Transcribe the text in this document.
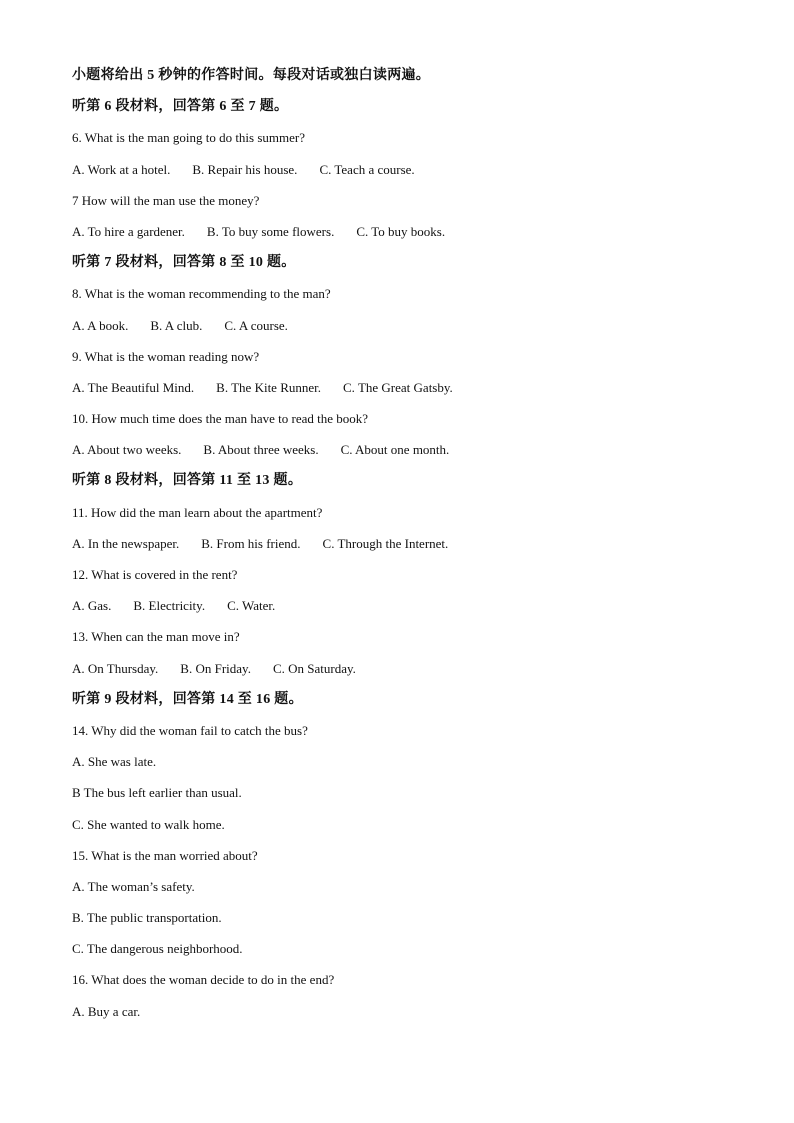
小题将给出 5 秒钟的作答时间。每段对话或独白读两遍。
听第 6 段材料，回答第 6 至 7 题。
6. What is the man going to do this summer?
A. Work at a hotel. B. Repair his house. C. Teach a course.
7 How will the man use the money?
A. To hire a gardener. B. To buy some flowers. C. To buy books.
听第 7 段材料，回答第 8 至 10 题。
8. What is the woman recommending to the man?
A. A book. B. A club. C. A course.
9. What is the woman reading now?
A. The Beautiful Mind. B. The Kite Runner. C. The Great Gatsby.
10. How much time does the man have to read the book?
A. About two weeks. B. About three weeks. C. About one month.
听第 8 段材料，回答第 11 至 13 题。
11. How did the man learn about the apartment?
A. In the newspaper. B. From his friend. C. Through the Internet.
12. What is covered in the rent?
A. Gas. B. Electricity. C. Water.
13. When can the man move in?
A. On Thursday. B. On Friday. C. On Saturday.
听第 9 段材料，回答第 14 至 16 题。
14. Why did the woman fail to catch the bus?
A. She was late.
B The bus left earlier than usual.
C. She wanted to walk home.
15. What is the man worried about?
A. The woman’s safety.
B. The public transportation.
C. The dangerous neighborhood.
16. What does the woman decide to do in the end?
A. Buy a car.
